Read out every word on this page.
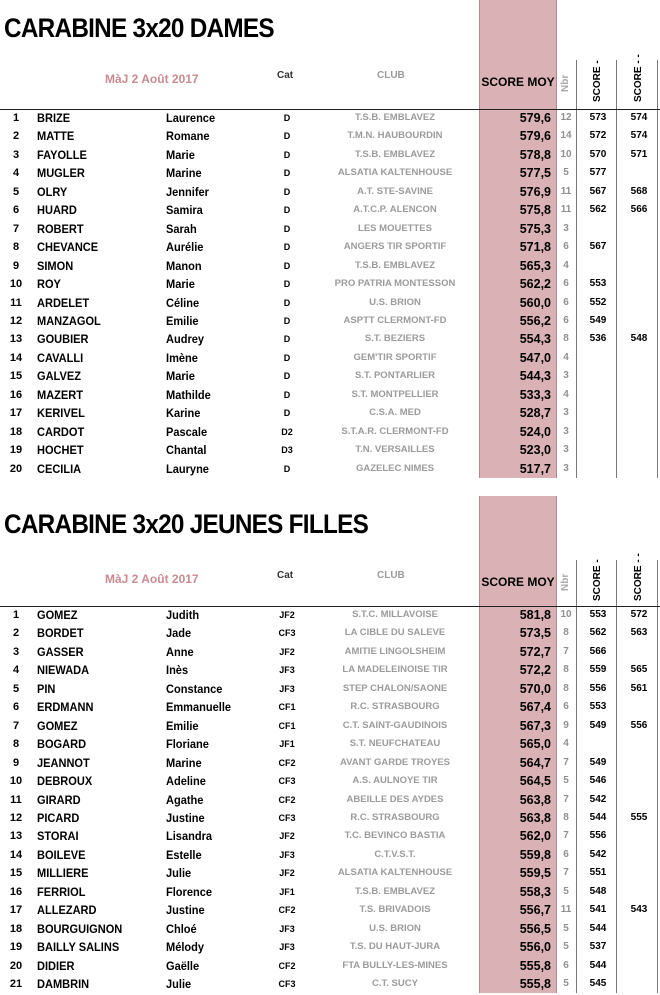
CARABINE 3x20 DAMES
MàJ 2 Août 2017	Cat	CLUB	SCORE MOY Nbr SCORE -	SCORE - -
1	BRIZE	Laurence	D	T.S.B. EMBLAVEZ	579,6 12	573	574
2	MATTE	Romane	D	T.M.N. HAUBOURDIN	579,6 14	572	574
3	FAYOLLE	Marie	D	T.S.B. EMBLAVEZ	578,8 10	570	571
4	MUGLER	Marine	D	ALSATIA KALTENHOUSE	577,5	5	577
5	OLRY	Jennifer	D	A.T. STE-SAVINE	576,9 11	567	568
6	HUARD	Samira	D	A.T.C.P. ALENCON	575,8 11	562	566
7	ROBERT	Sarah	D	LES MOUETTES	575,3	3
8	CHEVANCE	Aurélie	D	ANGERS TIR SPORTIF	571,8	6	567
9	SIMON	Manon	D	T.S.B. EMBLAVEZ	565,3	4
10	ROY	Marie	D	PRO PATRIA MONTESSON	562,2	6	553
11	ARDELET	Céline	D	U.S. BRION	560,0	6	552
12	MANZAGOL	Emilie	D	ASPTT CLERMONT-FD	556,2	6	549
13	GOUBIER	Audrey	D	S.T. BEZIERS	554,3	8	536	548
14	CAVALLI	Imène	D	GEM'TIR SPORTIF	547,0	4
15	GALVEZ	Marie	D	S.T. PONTARLIER	544,3	3
16	MAZERT	Mathilde	D	S.T. MONTPELLIER	533,3	4
17	KERIVEL	Karine	D	C.S.A. MED	528,7	3
18	CARDOT	Pascale	D2	S.T.A.R. CLERMONT-FD	524,0	3
19	HOCHET	Chantal	D3	T.N. VERSAILLES	523,0	3
20	CECILIA	Lauryne	D	GAZELEC NIMES	517,7	3
CARABINE 3x20 JEUNES FILLES
MàJ 2 Août 2017	Cat	CLUB	SCORE MOY Nbr SCORE -	SCORE - -
1	GOMEZ	Judith	JF2	S.T.C. MILLAVOISE	581,8 10	553	572
2	BORDET	Jade	CF3	LA CIBLE DU SALEVE	573,5	8	562	563
3	GASSER	Anne	JF2	AMITIE LINGOLSHEIM	572,7	7	566
4	NIEWADA	Inès	JF3	LA MADELEINOISE TIR	572,2	8	559	565
5	PIN	Constance	JF3	STEP CHALON/SAONE	570,0	8	556	561
6	ERDMANN	Emmanuelle	CF1	R.C. STRASBOURG	567,4	6	553
7	GOMEZ	Emilie	CF1	C.T. SAINT-GAUDINOIS	567,3	9	549	556
8	BOGARD	Floriane	JF1	S.T. NEUFCHATEAU	565,0	4
9	JEANNOT	Marine	CF2	AVANT GARDE TROYES	564,7	7	549
10	DEBROUX	Adeline	CF3	A.S. AULNOYE TIR	564,5	5	546
11	GIRARD	Agathe	CF2	ABEILLE DES AYDES	563,8	7	542
12	PICARD	Justine	CF3	R.C. STRASBOURG	563,8	8	544	555
13	STORAI	Lisandra	JF2	T.C. BEVINCO BASTIA	562,0	7	556
14	BOILEVE	Estelle	JF3	C.T.V.S.T.	559,8	6	542
15	MILLIERE	Julie	JF2	ALSATIA KALTENHOUSE	559,5	7	551
16	FERRIOL	Florence	JF1	T.S.B. EMBLAVEZ	558,3	5	548
17	ALLEZARD	Justine	CF2	T.S. BRIVADOIS	556,7 11	541	543
18	BOURGUIGNON	Chloé	JF3	U.S. BRION	556,5	5	544
19	BAILLY SALINS	Mélody	JF3	T.S. DU HAUT-JURA	556,0	5	537
20	DIDIER	Gaëlle	CF2	FTA BULLY-LES-MINES	555,8	6	544
21	DAMBRIN	Julie	CF3	C.T. SUCY	555,8	5	545
